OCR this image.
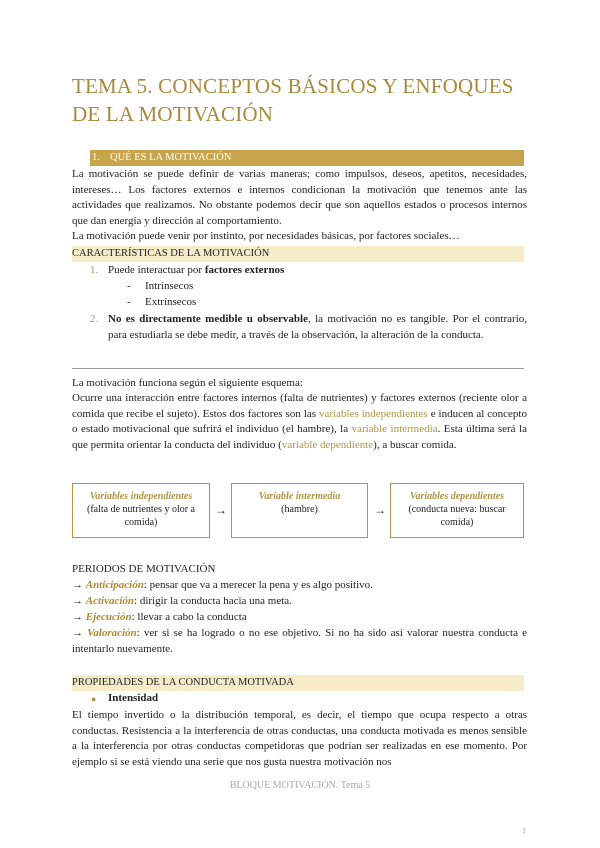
TEMA 5. CONCEPTOS BÁSICOS Y ENFOQUES DE LA MOTIVACIÓN
1. QUÉ ES LA MOTIVACIÓN

La motivación se puede definir de varias maneras; como impulsos, deseos, apetitos, necesidades, intereses… Los factores externos e internos condicionan la motivación que tenemos ante las actividades que realizamos. No obstante podemos decir que son aquellos estados o procesos internos que dan energía y dirección al comportamiento.

La motivación puede venir por instinto, por necesidades básicas, por factores sociales…

CARACTERÍSTICAS DE LA MOTIVACIÓN
1. Puede interactuar por factores externos
- Intrínsecos
- Extrínsecos
2. No es directamente medible u observable, la motivación no es tangible. Por el contrario, para estudiarla se debe medir, a través de la observación, la alteración de la conducta.

La motivación funciona según el siguiente esquema:

Ocurre una interacción entre factores internos (falta de nutrientes) y factores externos (reciente olor a comida que recibe el sujeto). Estos dos factores son las variables independientes e inducen al concepto o estado motivacional que sufrirá el individuo (el hambre), la variable intermedia. Esta última será la que permita orientar la conducta del individuo (variable dependiente), a buscar comida.

Variables independientes
(falta de nutrientes y olor a comida)
→
Variable intermedia
(hambre)	→
Variables dependientes
(conducta nueva: buscar comida)

PERIODOS DE MOTIVACIÓN

→ Anticipación: pensar que va a merecer la pena y es algo positivo.

→ Activación: dirigir la conducta hacia una meta.

→ Ejecución: llevar a cabo la conducta

→ Valoración: ver si se ha logrado o no ese objetivo. Si no ha sido así valorar nuestra conducta e intentarlo nuevamente.

PROPIEDADES DE LA CONDUCTA MOTIVADA
● Intensidad

El tiempo invertido o la distribución temporal, es decir, el tiempo que ocupa respecto a otras conductas. Resistencia a la interferencia de otras conductas, una conducta motivada es menos sensible a la interferencia por otras conductas competidoras que podrían ser realizadas en ese momento. Por ejemplo si se está viendo una serie que nos gusta nuestra motivación nos

BLOQUE MOTIVACIÓN. Tema 5
1
